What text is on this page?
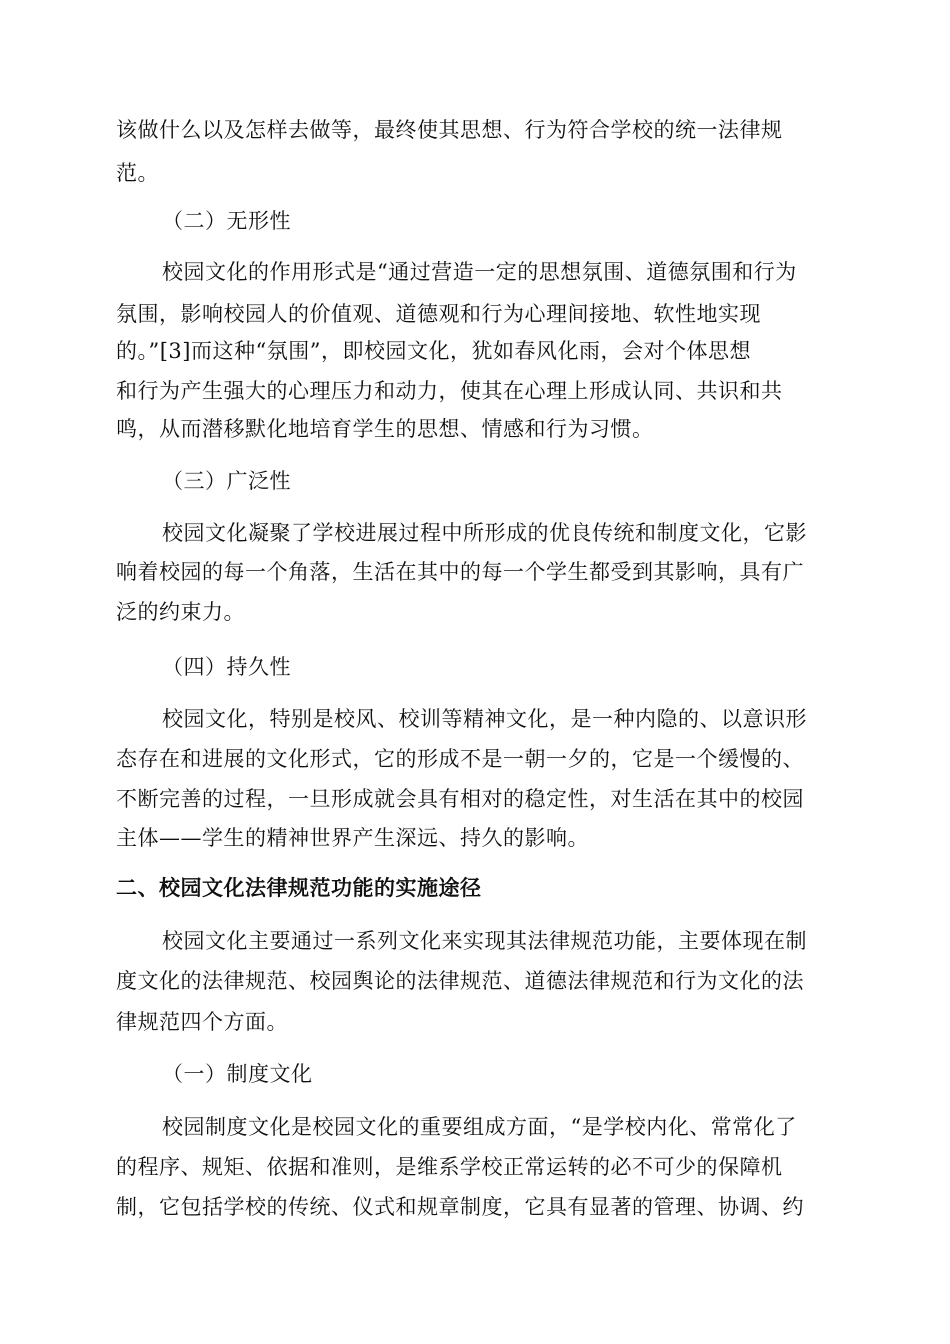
该做什么以及怎样去做等，最终使其思想、行为符合学校的统一法律规
范。
（二）无形性
校园文化的作用形式是“通过营造一定的思想氛围、道德氛围和行为
氛围，影响校园人的价值观、道德观和行为心理间接地、软性地实现
的。”[3]而这种“氛围”，即校园文化，犹如春风化雨，会对个体思想
和行为产生强大的心理压力和动力，使其在心理上形成认同、共识和共
鸣，从而潜移默化地培育学生的思想、情感和行为习惯。
（三）广泛性
校园文化凝聚了学校进展过程中所形成的优良传统和制度文化，它影
响着校园的每一个角落，生活在其中的每一个学生都受到其影响，具有广
泛的约束力。
（四）持久性
校园文化，特别是校风、校训等精神文化，是一种内隐的、以意识形
态存在和进展的文化形式，它的形成不是一朝一夕的，它是一个缓慢的、
不断完善的过程，一旦形成就会具有相对的稳定性，对生活在其中的校园
主体——学生的精神世界产生深远、持久的影响。
二、校园文化法律规范功能的实施途径
校园文化主要通过一系列文化来实现其法律规范功能，主要体现在制
度文化的法律规范、校园舆论的法律规范、道德法律规范和行为文化的法
律规范四个方面。
（一）制度文化
校园制度文化是校园文化的重要组成方面，“是学校内化、常常化了
的程序、规矩、依据和准则，是维系学校正常运转的必不可少的保障机
制，它包括学校的传统、仪式和规章制度，它具有显著的管理、协调、约
